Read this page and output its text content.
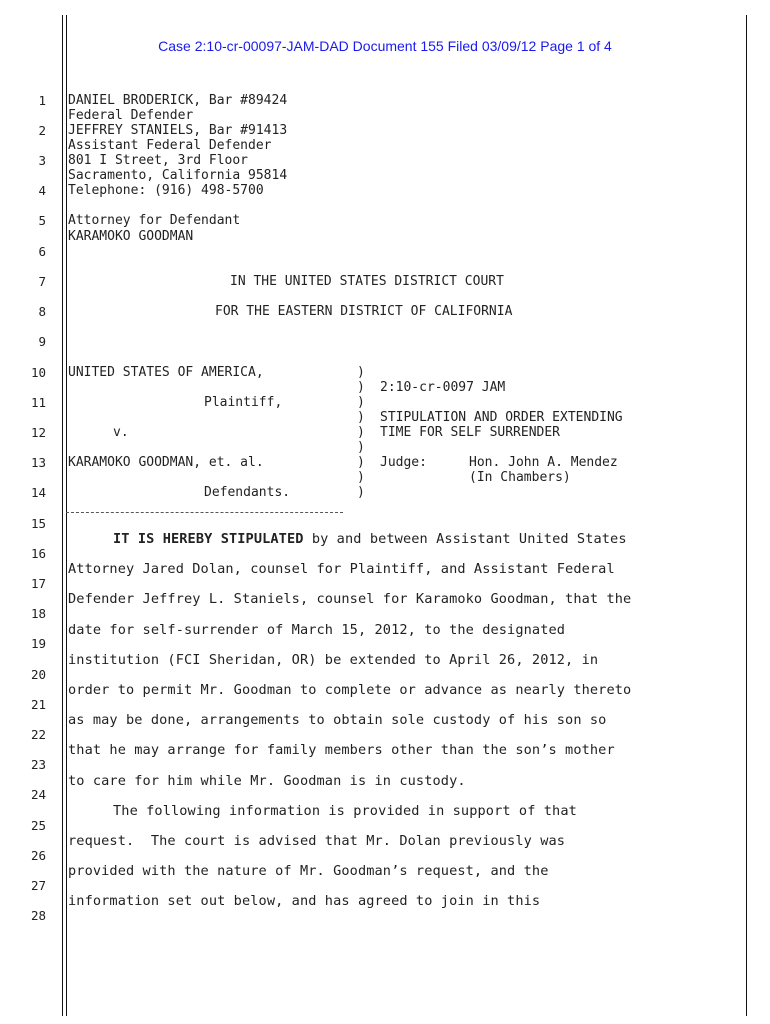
Case 2:10-cr-00097-JAM-DAD Document 155 Filed 03/09/12 Page 1 of 4
1
2
3
4
5
6
7
8
9
10
11
12
13
14
15
16
17
18
19
20
21
22
23
24
25
26
27
28
DANIEL BRODERICK, Bar #89424
Federal Defender
JEFFREY STANIELS, Bar #91413
Assistant Federal Defender
801 I Street, 3rd Floor
Sacramento, California 95814
Telephone: (916) 498-5700
Attorney for Defendant
KARAMOKO GOODMAN
IN THE UNITED STATES DISTRICT COURT
FOR THE EASTERN DISTRICT OF CALIFORNIA
UNITED STATES OF AMERICA,
Plaintiff,
v.
KARAMOKO GOODMAN, et. al.
Defendants.
)
)
)
)
)
)
)
)
)
2:10-cr-0097 JAM
STIPULATION AND ORDER EXTENDING
TIME FOR SELF SURRENDER
Judge:	Hon. John A. Mendez
(In Chambers)
IT IS HEREBY STIPULATED by and between Assistant United States
Attorney Jared Dolan, counsel for Plaintiff, and Assistant Federal
Defender Jeffrey L. Staniels, counsel for Karamoko Goodman, that the
date for self-surrender of March 15, 2012, to the designated
institution (FCI Sheridan, OR) be extended to April 26, 2012, in
order to permit Mr. Goodman to complete or advance as nearly thereto
as may be done, arrangements to obtain sole custody of his son so
that he may arrange for family members other than the son’s mother
to care for him while Mr. Goodman is in custody.
The following information is provided in support of that
request.  The court is advised that Mr. Dolan previously was
provided with the nature of Mr. Goodman’s request, and the
information set out below, and has agreed to join in this
